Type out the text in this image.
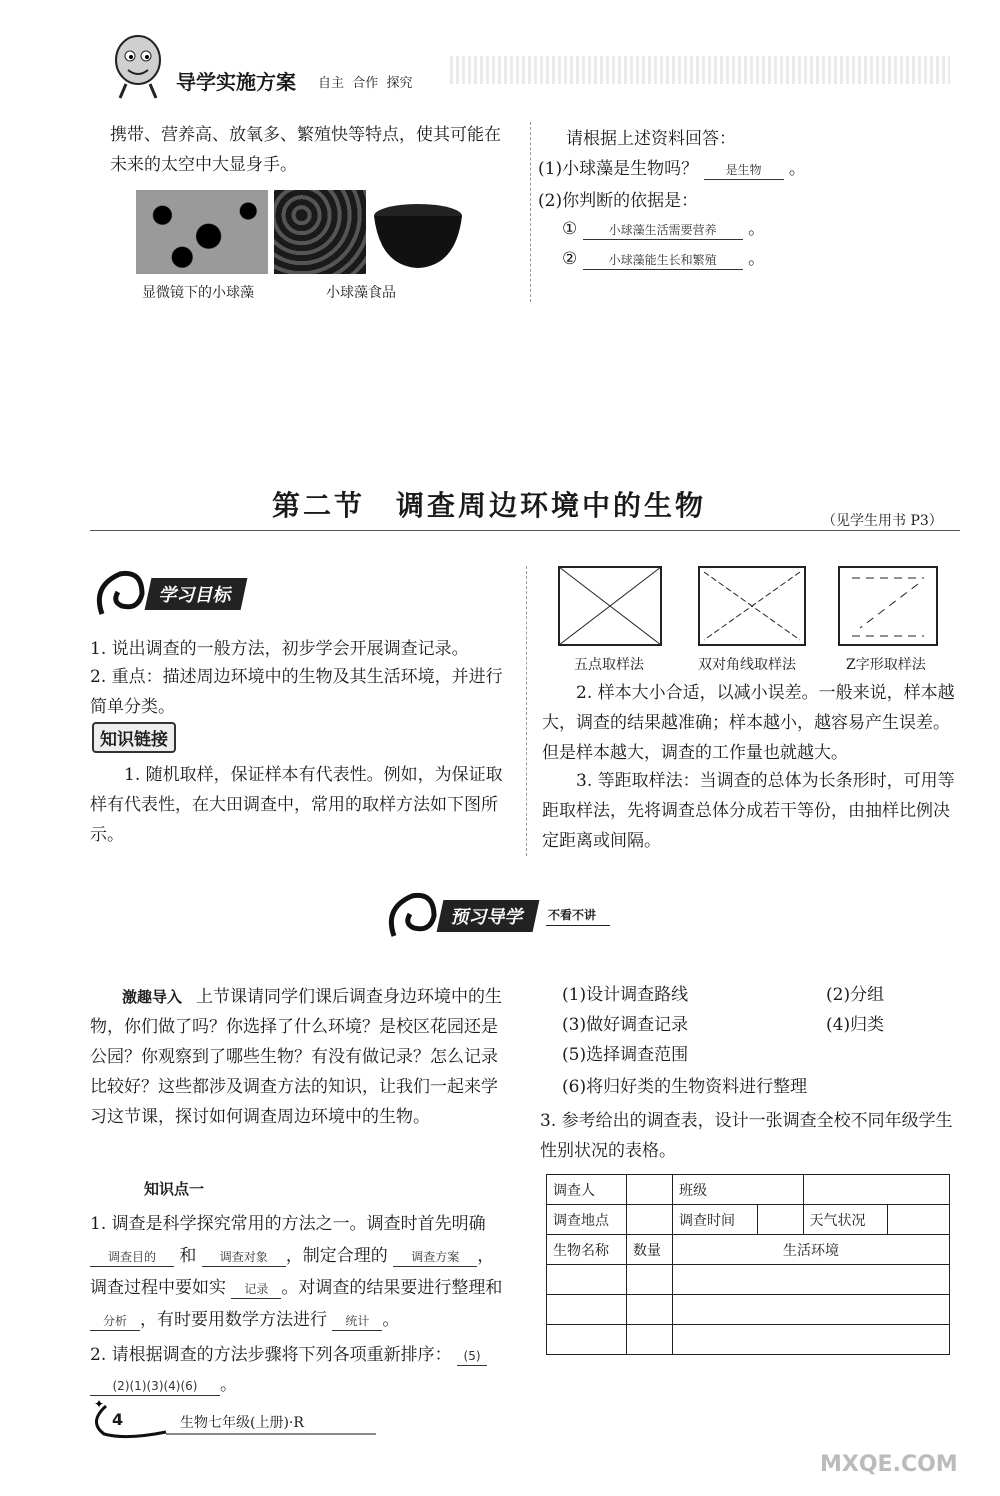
导学实施方案 自主  合作  探究
携带、营养高、放氧多、繁殖快等特点，使其可能在未来的太空中大显身手。
显微镜下的小球藻	小球藻食品
请根据上述资料回答：
(1)小球藻是生物吗？ 是生物 。
(2)你判断的依据是：
①	小球藻生活需要营养 。
②	小球藻能生长和繁殖 。
第二节　调查周边环境中的生物	（见学生用书 P3）
学习目标
1. 说出调查的一般方法，初步学会开展调查记录。
2. 重点：描述周边环境中的生物及其生活环境，并进行简单分类。
知识链接
1. 随机取样，保证样本有代表性。例如，为保证取样有代表性，在大田调查中，常用的取样方法如下图所示。
五点取样法	双对角线取样法	Z字形取样法
2. 样本大小合适，以减小误差。一般来说，样本越大，调查的结果越准确；样本越小，越容易产生误差。但是样本越大，调查的工作量也就越大。
3. 等距取样法：当调查的总体为长条形时，可用等距取样法，先将调查总体分成若干等份，由抽样比例决定距离或间隔。
预习导学	不看不讲
激趣导入 上节课请同学们课后调查身边环境中的生物，你们做了吗？你选择了什么环境？是校区花园还是公园？你观察到了哪些生物？有没有做记录？怎么记录比较好？这些都涉及调查方法的知识，让我们一起来学习这节课，探讨如何调查周边环境中的生物。
知识点一
1. 调查是科学探究常用的方法之一。调查时首先明确 调查目的 和 调查对象 ，制定合理的 调查方案 ，调查过程中要如实 记录 。对调查的结果要进行整理和 分析 ，有时要用数学方法进行 统计 。
2. 请根据调查的方法步骤将下列各项重新排序： (5) (2)(1)(3)(4)(6) 。
(1)设计调查路线	(2)分组
(3)做好调查记录	(4)归类
(5)选择调查范围
(6)将归好类的生物资料进行整理
3. 参考给出的调查表，设计一张调查全校不同年级学生性别状况的表格。
调查人		班级			
调查地点		调查时间		天气状况	
生物名称	数量	生活环境			

✦
4	生物七年级(上册)·R
MXQE.COM
